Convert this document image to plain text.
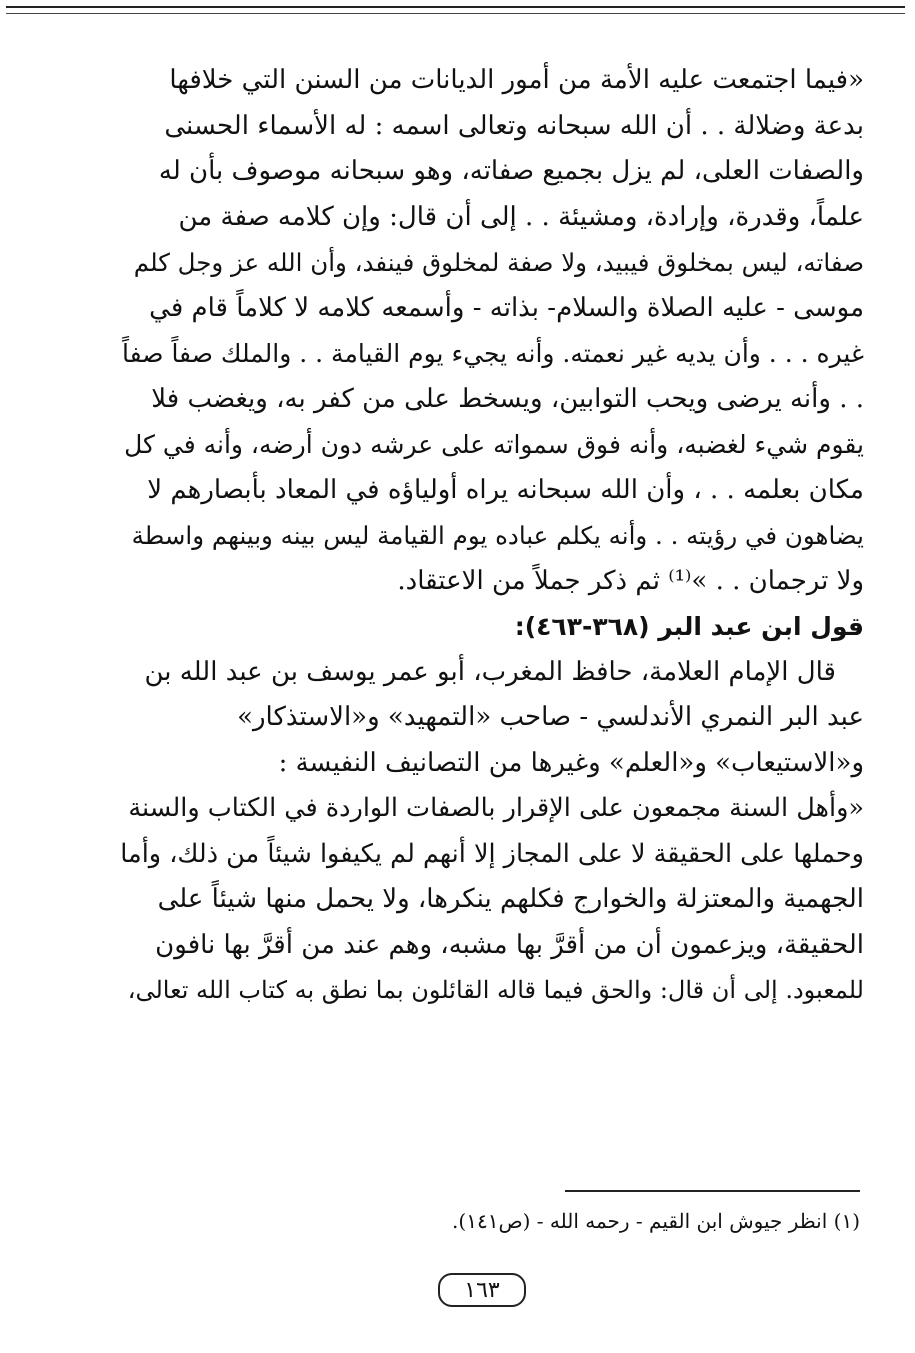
«فيما اجتمعت عليه الأمة من أمور الديانات من السنن التي خلافها
بدعة وضلالة . . أن الله سبحانه وتعالى اسمه : له الأسماء الحسنى
والصفات العلى، لم يزل بجميع صفاته، وهو سبحانه موصوف بأن له
علماً، وقدرة، وإرادة، ومشيئة . . إلى أن قال: وإن كلامه صفة من
صفاته، ليس بمخلوق فيبيد، ولا صفة لمخلوق فينفد، وأن الله عز وجل كلم
موسى - عليه الصلاة والسلام- بذاته - وأسمعه كلامه لا كلاماً قام في
غيره . . . وأن يديه غير نعمته. وأنه يجيء يوم القيامة . . والملك صفاً صفاً
. . وأنه يرضى ويحب التوابين، ويسخط على من كفر به، ويغضب فلا
يقوم شيء لغضبه، وأنه فوق سمواته على عرشه دون أرضه، وأنه في كل
مكان بعلمه . . ، وأن الله سبحانه يراه أولياؤه في المعاد بأبصارهم لا
يضاهون في رؤيته . . وأنه يكلم عباده يوم القيامة ليس بينه وبينهم واسطة
ولا ترجمان . . »⁽¹⁾ ثم ذكر جملاً من الاعتقاد.
قول ابن عبد البر (٣٦٨-٤٦٣):
قال الإمام العلامة، حافظ المغرب، أبو عمر يوسف بن عبد الله بن
عبد البر النمري الأندلسي - صاحب «التمهيد» و«الاستذكار»
و«الاستيعاب» و«العلم» وغيرها من التصانيف النفيسة :
«وأهل السنة مجمعون على الإقرار بالصفات الواردة في الكتاب والسنة
وحملها على الحقيقة لا على المجاز إلا أنهم لم يكيفوا شيئاً من ذلك، وأما
الجهمية والمعتزلة والخوارج فكلهم ينكرها، ولا يحمل منها شيئاً على
الحقيقة، ويزعمون أن من أقرَّ بها مشبه، وهم عند من أقرَّ بها نافون
للمعبود. إلى أن قال: والحق فيما قاله القائلون بما نطق به كتاب الله تعالى،
(١) انظر جيوش ابن القيم - رحمه الله - (ص١٤١).
١٦٣
